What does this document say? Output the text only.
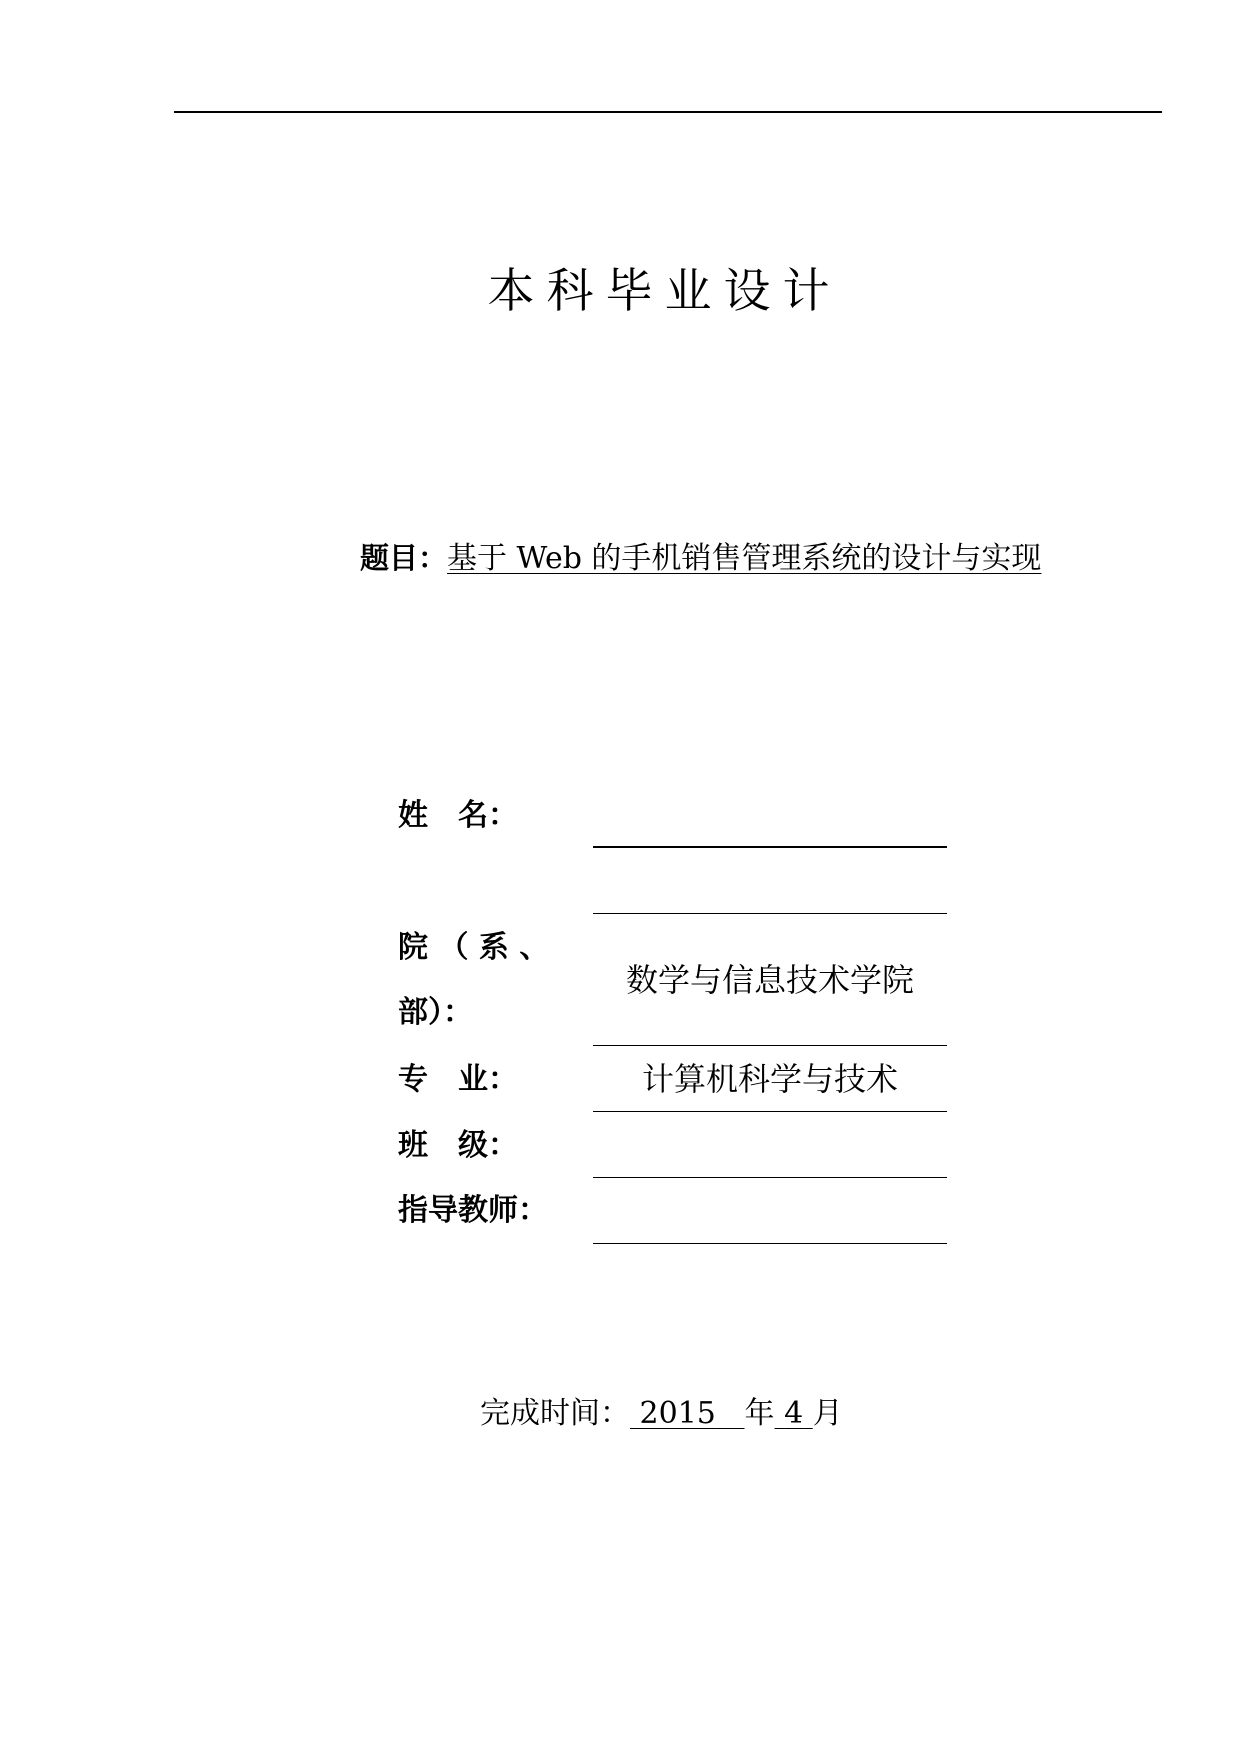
本科毕业设计
题目：基于 Web 的手机销售管理系统的设计与实现
姓　名：
院 （ 系 、
部）：
数学与信息技术学院
专　业：	计算机科学与技术
班　级：
指导教师：
完成时间： 2015 年 4 月
